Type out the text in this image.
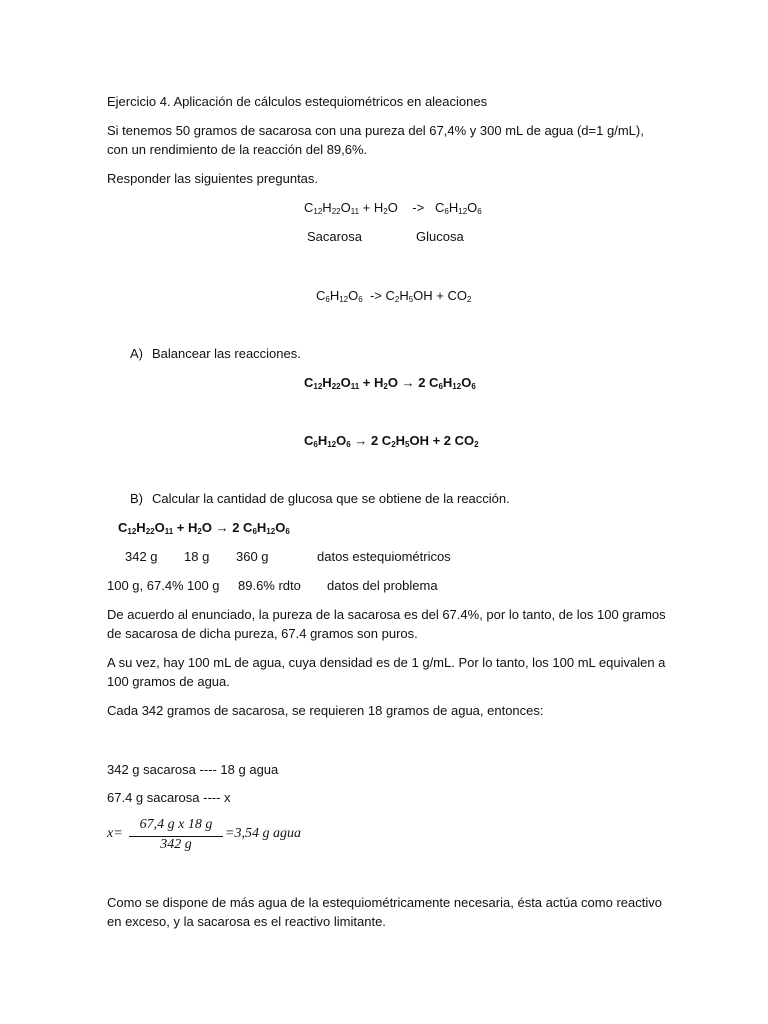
Ejercicio 4. Aplicación de cálculos estequiométricos en aleaciones
Si tenemos 50 gramos de sacarosa con una pureza del 67,4% y 300 mL de agua (d=1 g/mL), con un rendimiento de la reacción del 89,6%.
Responder las siguientes preguntas.
$C_{12}H_{22}O_{11} + H_2O$    ->   $C_6H_{12}O_6$
Sacarosa	Glucosa
$C_6H_{12}O_6 -> C_2H_5OH + CO_2$
A) Balancear las reacciones.
$C_{12}H_{22}O_{11} + H_2O \to 2$ $C_6H_{12}O_6$
$C_6H_{12}O_6 \to 2$ $C_2H_5OH + 2$ $CO_2$
B) Calcular la cantidad de glucosa que se obtiene de la reacción.
$C_{12}H_{22}O_{11} + H_2O \to 2$ $C_6H_{12}O_6$
342 g 18 g 360 g	datos estequiométricos
100 g, 67.4% 100 g 89.6% rdto datos del problema
De acuerdo al enunciado, la pureza de la sacarosa es del 67.4%, por lo tanto, de los 100 gramos de sacarosa de dicha pureza, 67.4 gramos son puros.
A su vez, hay 100 mL de agua, cuya densidad es de 1 g/mL. Por lo tanto, los 100 mL equivalen a 100 gramos de agua.
Cada 342 gramos de sacarosa, se requieren 18 gramos de agua, entonces:
342 g sacarosa ---- 18 g agua
67.4 g sacarosa ---- x
x=
67,4 g x 18 g
342 g
=3,54 g agua
Como se dispone de más agua de la estequiométricamente necesaria, ésta actúa como reactivo en exceso, y la sacarosa es el reactivo limitante.
